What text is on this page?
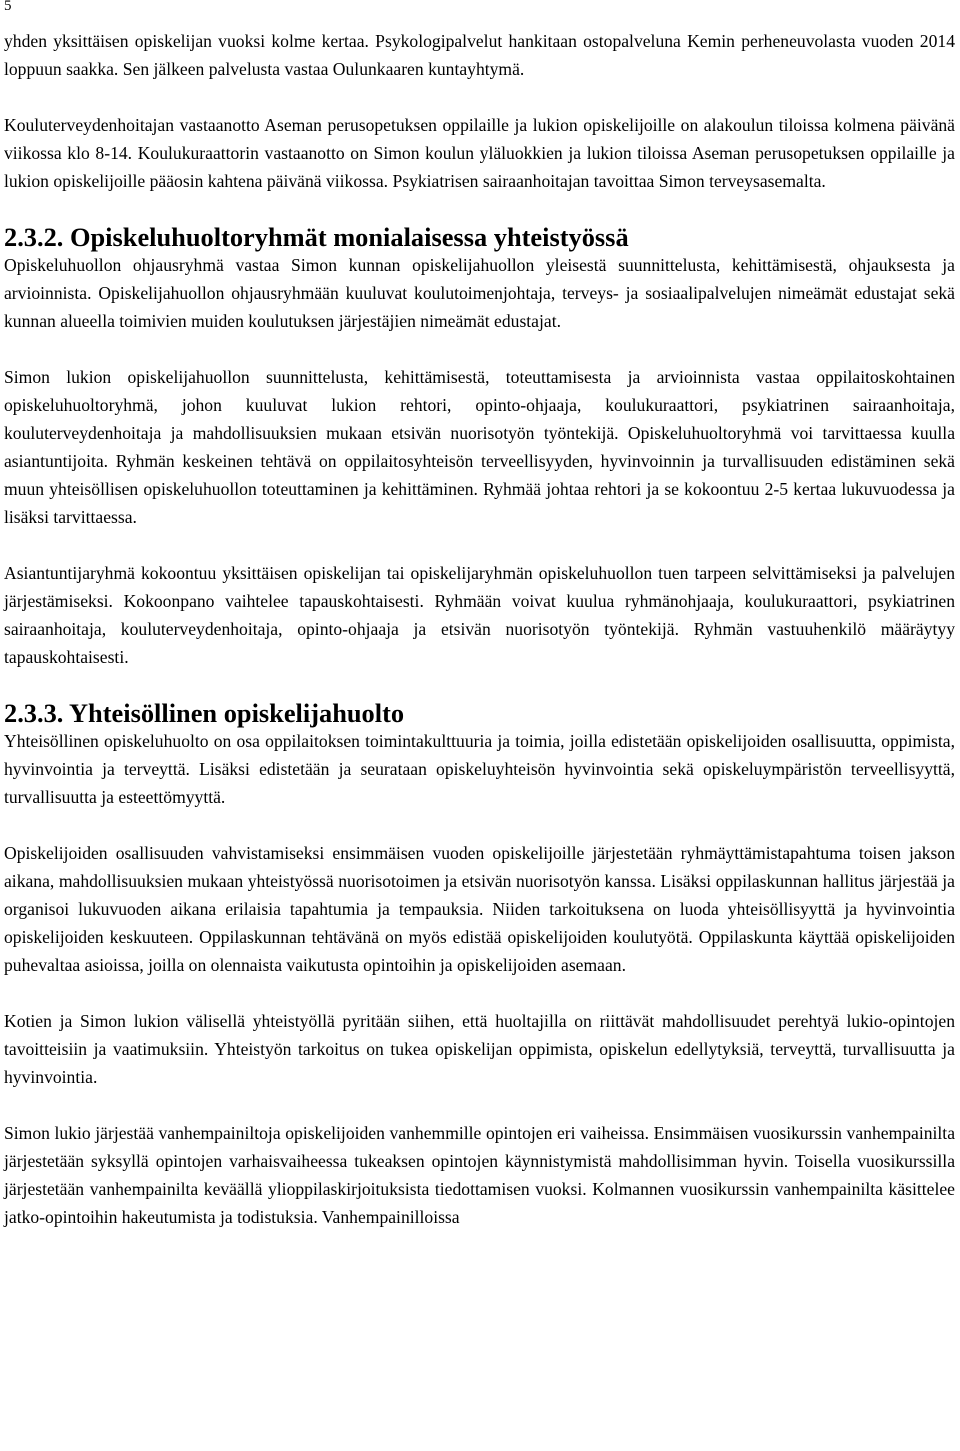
5

yhden yksittäisen opiskelijan vuoksi kolme kertaa. Psykologipalvelut hankitaan ostopalveluna Kemin perheneuvolasta vuoden 2014 loppuun saakka. Sen jälkeen palvelusta vastaa Oulunkaaren kuntayhtymä.

Kouluterveydenhoitajan vastaanotto Aseman perusopetuksen oppilaille ja lukion opiskelijoille on alakoulun tiloissa kolmena päivänä viikossa klo 8-14. Koulukuraattorin vastaanotto on Simon koulun yläluokkien ja lukion tiloissa Aseman perusopetuksen oppilaille ja lukion opiskelijoille pääosin kahtena päivänä viikossa. Psykiatrisen sairaanhoitajan tavoittaa Simon terveysasemalta.

2.3.2. Opiskeluhuoltoryhmät monialaisessa yhteistyössä

Opiskeluhuollon ohjausryhmä vastaa Simon kunnan opiskelijahuollon yleisestä suunnittelusta, kehittämisestä, ohjauksesta ja arvioinnista. Opiskelijahuollon ohjausryhmään kuuluvat koulutoimenjohtaja, terveys- ja sosiaalipalvelujen nimeämät edustajat sekä kunnan alueella toimivien muiden koulutuksen järjestäjien nimeämät edustajat.

Simon lukion opiskelijahuollon suunnittelusta, kehittämisestä, toteuttamisesta ja arvioinnista vastaa oppilaitoskohtainen opiskeluhuoltoryhmä, johon kuuluvat lukion rehtori, opinto-ohjaaja, koulukuraattori, psykiatrinen sairaanhoitaja, kouluterveydenhoitaja ja mahdollisuuksien mukaan etsivän nuorisotyön työntekijä. Opiskeluhuoltoryhmä voi tarvittaessa kuulla asiantuntijoita. Ryhmän keskeinen tehtävä on oppilaitosyhteisön terveellisyyden, hyvinvoinnin ja turvallisuuden edistäminen sekä muun yhteisöllisen opiskeluhuollon toteuttaminen ja kehittäminen. Ryhmää johtaa rehtori ja se kokoontuu 2-5 kertaa lukuvuodessa ja lisäksi tarvittaessa.

Asiantuntijaryhmä kokoontuu yksittäisen opiskelijan tai opiskelijaryhmän opiskeluhuollon tuen tarpeen selvittämiseksi ja palvelujen järjestämiseksi. Kokoonpano vaihtelee tapauskohtaisesti. Ryhmään voivat kuulua ryhmänohjaaja, koulukuraattori, psykiatrinen sairaanhoitaja, kouluterveydenhoitaja, opinto-ohjaaja ja etsivän nuorisotyön työntekijä. Ryhmän vastuuhenkilö määräytyy tapauskohtaisesti.

2.3.3. Yhteisöllinen opiskelijahuolto

Yhteisöllinen opiskeluhuolto on osa oppilaitoksen toimintakulttuuria ja toimia, joilla edistetään opiskelijoiden osallisuutta, oppimista, hyvinvointia ja terveyttä. Lisäksi edistetään ja seurataan opiskeluyhteisön hyvinvointia sekä opiskeluympäristön terveellisyyttä, turvallisuutta ja esteettömyyttä.

Opiskelijoiden osallisuuden vahvistamiseksi ensimmäisen vuoden opiskelijoille järjestetään ryhmäyttämistapahtuma toisen jakson aikana, mahdollisuuksien mukaan yhteistyössä nuorisotoimen ja etsivän nuorisotyön kanssa. Lisäksi oppilaskunnan hallitus järjestää ja organisoi lukuvuoden aikana erilaisia tapahtumia ja tempauksia. Niiden tarkoituksena on luoda yhteisöllisyyttä ja hyvinvointia opiskelijoiden keskuuteen. Oppilaskunnan tehtävänä on myös edistää opiskelijoiden koulutyötä. Oppilaskunta käyttää opiskelijoiden puhevaltaa asioissa, joilla on olennaista vaikutusta opintoihin ja opiskelijoiden asemaan.

Kotien ja Simon lukion välisellä yhteistyöllä pyritään siihen, että huoltajilla on riittävät mahdollisuudet perehtyä lukio-opintojen tavoitteisiin ja vaatimuksiin. Yhteistyön tarkoitus on tukea opiskelijan oppimista, opiskelun edellytyksiä, terveyttä, turvallisuutta ja hyvinvointia.

Simon lukio järjestää vanhempainiltoja opiskelijoiden vanhemmille opintojen eri vaiheissa. Ensimmäisen vuosikurssin vanhempainilta järjestetään syksyllä opintojen varhaisvaiheessa tukeaksen opintojen käynnistymistä mahdollisimman hyvin. Toisella vuosikurssilla järjestetään vanhempainilta keväällä ylioppilaskirjoituksista tiedottamisen vuoksi. Kolmannen vuosikurssin vanhempainilta käsittelee jatko-opintoihin hakeutumista ja todistuksia. Vanhempainilloissa
